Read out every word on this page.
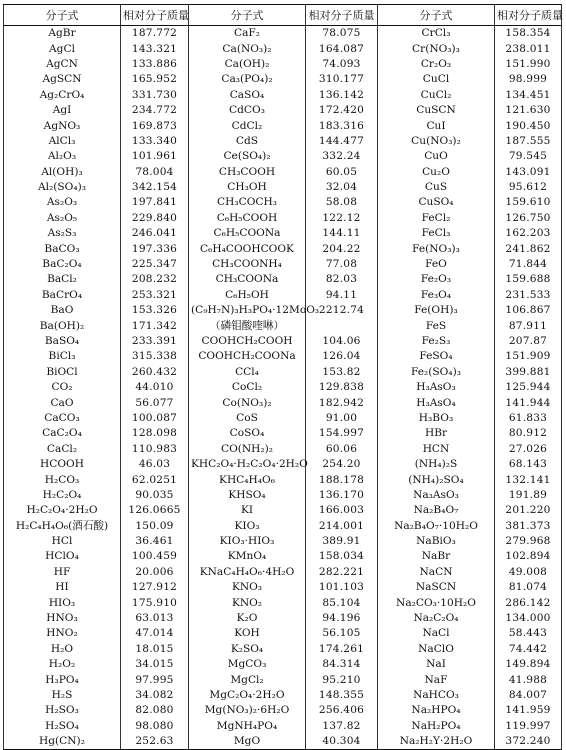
分子式	相对分子质量	分子式	相对分子质量	分子式	相对分子质量
AgBr	187.772	CaF₂	78.075	CrCl₃	158.354
AgCl	143.321	Ca(NO₃)₂	164.087	Cr(NO₃)₃	238.011
AgCN	133.886	Ca(OH)₂	74.093	Cr₂O₃	151.990
AgSCN	165.952	Ca₃(PO₄)₂	310.177	CuCl	98.999
Ag₂CrO₄	331.730	CaSO₄	136.142	CuCl₂	134.451
AgI	234.772	CdCO₃	172.420	CuSCN	121.630
AgNO₃	169.873	CdCl₂	183.316	CuI	190.450
AlCl₃	133.340	CdS	144.477	Cu(NO₃)₂	187.555
Al₂O₃	101.961	Ce(SO₄)₂	332.24	CuO	79.545
Al(OH)₃	78.004	CH₃COOH	60.05	Cu₂O	143.091
Al₂(SO₄)₃	342.154	CH₃OH	32.04	CuS	95.612
As₂O₃	197.841	CH₃COCH₃	58.08	CuSO₄	159.610
As₂O₅	229.840	C₆H₅COOH	122.12	FeCl₂	126.750
As₂S₃	246.041	C₆H₅COONa	144.11	FeCl₃	162.203
BaCO₃	197.336	C₆H₄COOHCOOK	204.22	Fe(NO₃)₃	241.862
BaC₂O₄	225.347	CH₃COONH₄	77.08	FeO	71.844
BaCl₂	208.232	CH₃COONa	82.03	Fe₂O₃	159.688
BaCrO₄	253.321	C₆H₅OH	94.11	Fe₃O₄	231.533
BaO	153.326	(C₉H₇N)₃H₃PO₄·12MoO₃	2212.74	Fe(OH)₃	106.867
Ba(OH)₂	171.342	（磷钼酸喹啉）		FeS	87.911
BaSO₄	233.391	COOHCH₂COOH	104.06	Fe₂S₃	207.87
BiCl₃	315.338	COOHCH₂COONa	126.04	FeSO₄	151.909
BiOCl	260.432	CCl₄	153.82	Fe₂(SO₄)₃	399.881
CO₂	44.010	CoCl₂	129.838	H₃AsO₃	125.944
CaO	56.077	Co(NO₃)₂	182.942	H₃AsO₄	141.944
CaCO₃	100.087	CoS	91.00	H₃BO₃	61.833
CaC₂O₄	128.098	CoSO₄	154.997	HBr	80.912
CaCl₂	110.983	CO(NH₂)₂	60.06	HCN	27.026
HCOOH	46.03	KHC₂O₄·H₂C₂O₄·2H₂O	254.20	(NH₄)₂S	68.143
H₂CO₃	62.0251	KHC₄H₄O₆	188.178	(NH₄)₂SO₄	132.141
H₂C₂O₄	90.035	KHSO₄	136.170	Na₃AsO₃	191.89
H₂C₂O₄·2H₂O	126.0665	KI	166.003	Na₂B₄O₇	201.220
H₂C₄H₄O₆(酒石酸)	150.09	KIO₃	214.001	Na₂B₄O₇·10H₂O	381.373
HCl	36.461	KIO₃·HIO₃	389.91	NaBiO₃	279.968
HClO₄	100.459	KMnO₄	158.034	NaBr	102.894
HF	20.006	KNaC₄H₄O₆·4H₂O	282.221	NaCN	49.008
HI	127.912	KNO₃	101.103	NaSCN	81.074
HIO₃	175.910	KNO₂	85.104	Na₂CO₃·10H₂O	286.142
HNO₃	63.013	K₂O	94.196	Na₂C₂O₄	134.000
HNO₂	47.014	KOH	56.105	NaCl	58.443
H₂O	18.015	K₂SO₄	174.261	NaClO	74.442
H₂O₂	34.015	MgCO₃	84.314	NaI	149.894
H₃PO₄	97.995	MgCl₂	95.210	NaF	41.988
H₂S	34.082	MgC₂O₄·2H₂O	148.355	NaHCO₃	84.007
H₂SO₃	82.080	Mg(NO₃)₂·6H₂O	256.406	Na₂HPO₄	141.959
H₂SO₄	98.080	MgNH₄PO₄	137.82	NaH₂PO₄	119.997
Hg(CN)₂	252.63	MgO	40.304	Na₂H₂Y·2H₂O	372.240
